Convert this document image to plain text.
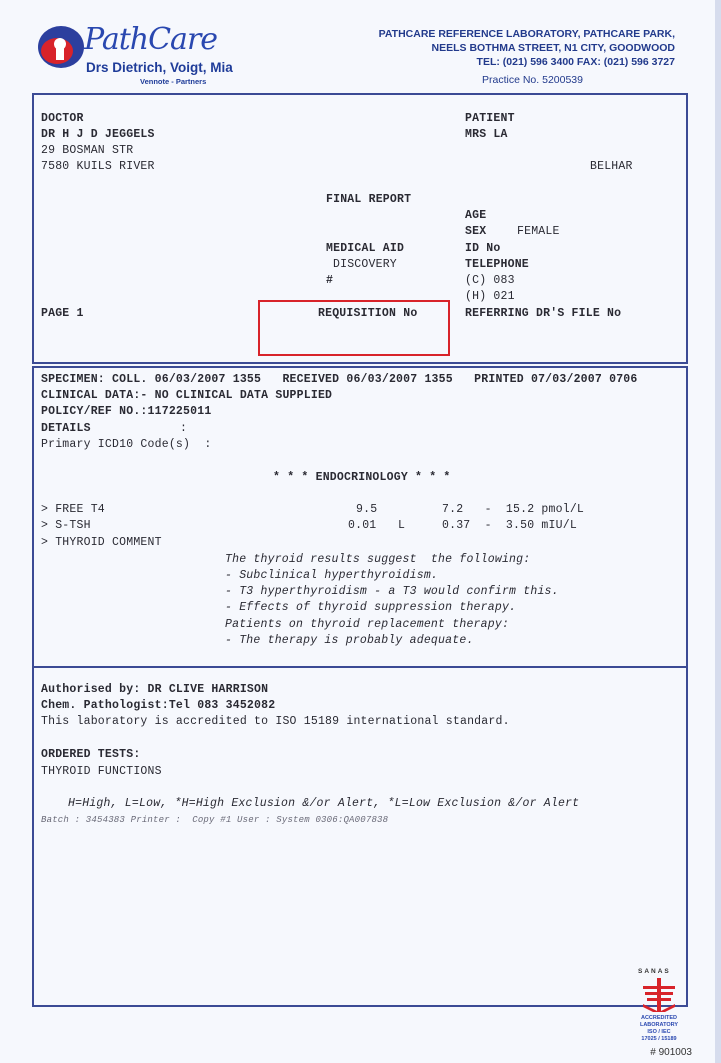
PathCare
Drs Dietrich, Voigt, Mia
Vennote - Partners
PATHCARE REFERENCE LABORATORY, PATHCARE PARK,
NEELS BOTHMA STREET, N1 CITY, GOODWOOD
TEL: (021) 596 3400 FAX: (021) 596 3727
Practice No. 5200539
DOCTOR
DR H J D JEGGELS
29 BOSMAN STR
7580 KUILS RIVER
PATIENT
MRS LA
BELHAR
FINAL REPORT
AGE
SEX	FEMALE
MEDICAL AID	ID No
DISCOVERY	TELEPHONE
#	(C) 083
(H) 021
PAGE 1	REQUISITION No	REFERRING DR'S FILE No
SPECIMEN: COLL. 06/03/2007 1355   RECEIVED 06/03/2007 1355   PRINTED 07/03/2007 0706
CLINICAL DATA:- NO CLINICAL DATA SUPPLIED
POLICY/REF NO.:117225011
DETAILS	:
Primary ICD10 Code(s)  :
* * * ENDOCRINOLOGY * * *
> FREE T4	9.5	7.2   -  15.2 pmol/L
> S-TSH	0.01 L	0.37  -  3.50 mIU/L
> THYROID COMMENT
The thyroid results suggest  the following:
- Subclinical hyperthyroidism.
- T3 hyperthyroidism - a T3 would confirm this.
- Effects of thyroid suppression therapy.
Patients on thyroid replacement therapy:
- The therapy is probably adequate.
Authorised by: DR CLIVE HARRISON
Chem. Pathologist:Tel 083 3452082
This laboratory is accredited to ISO 15189 international standard.
ORDERED TESTS:
THYROID FUNCTIONS
H=High, L=Low, *H=High Exclusion &/or Alert, *L=Low Exclusion &/or Alert
Batch : 3454383 Printer :  Copy #1 User : System 0306:QA007838
SANAS
ACCREDITED
LABORATORY
ISO / IEC
17025 / 15189
# 901003
